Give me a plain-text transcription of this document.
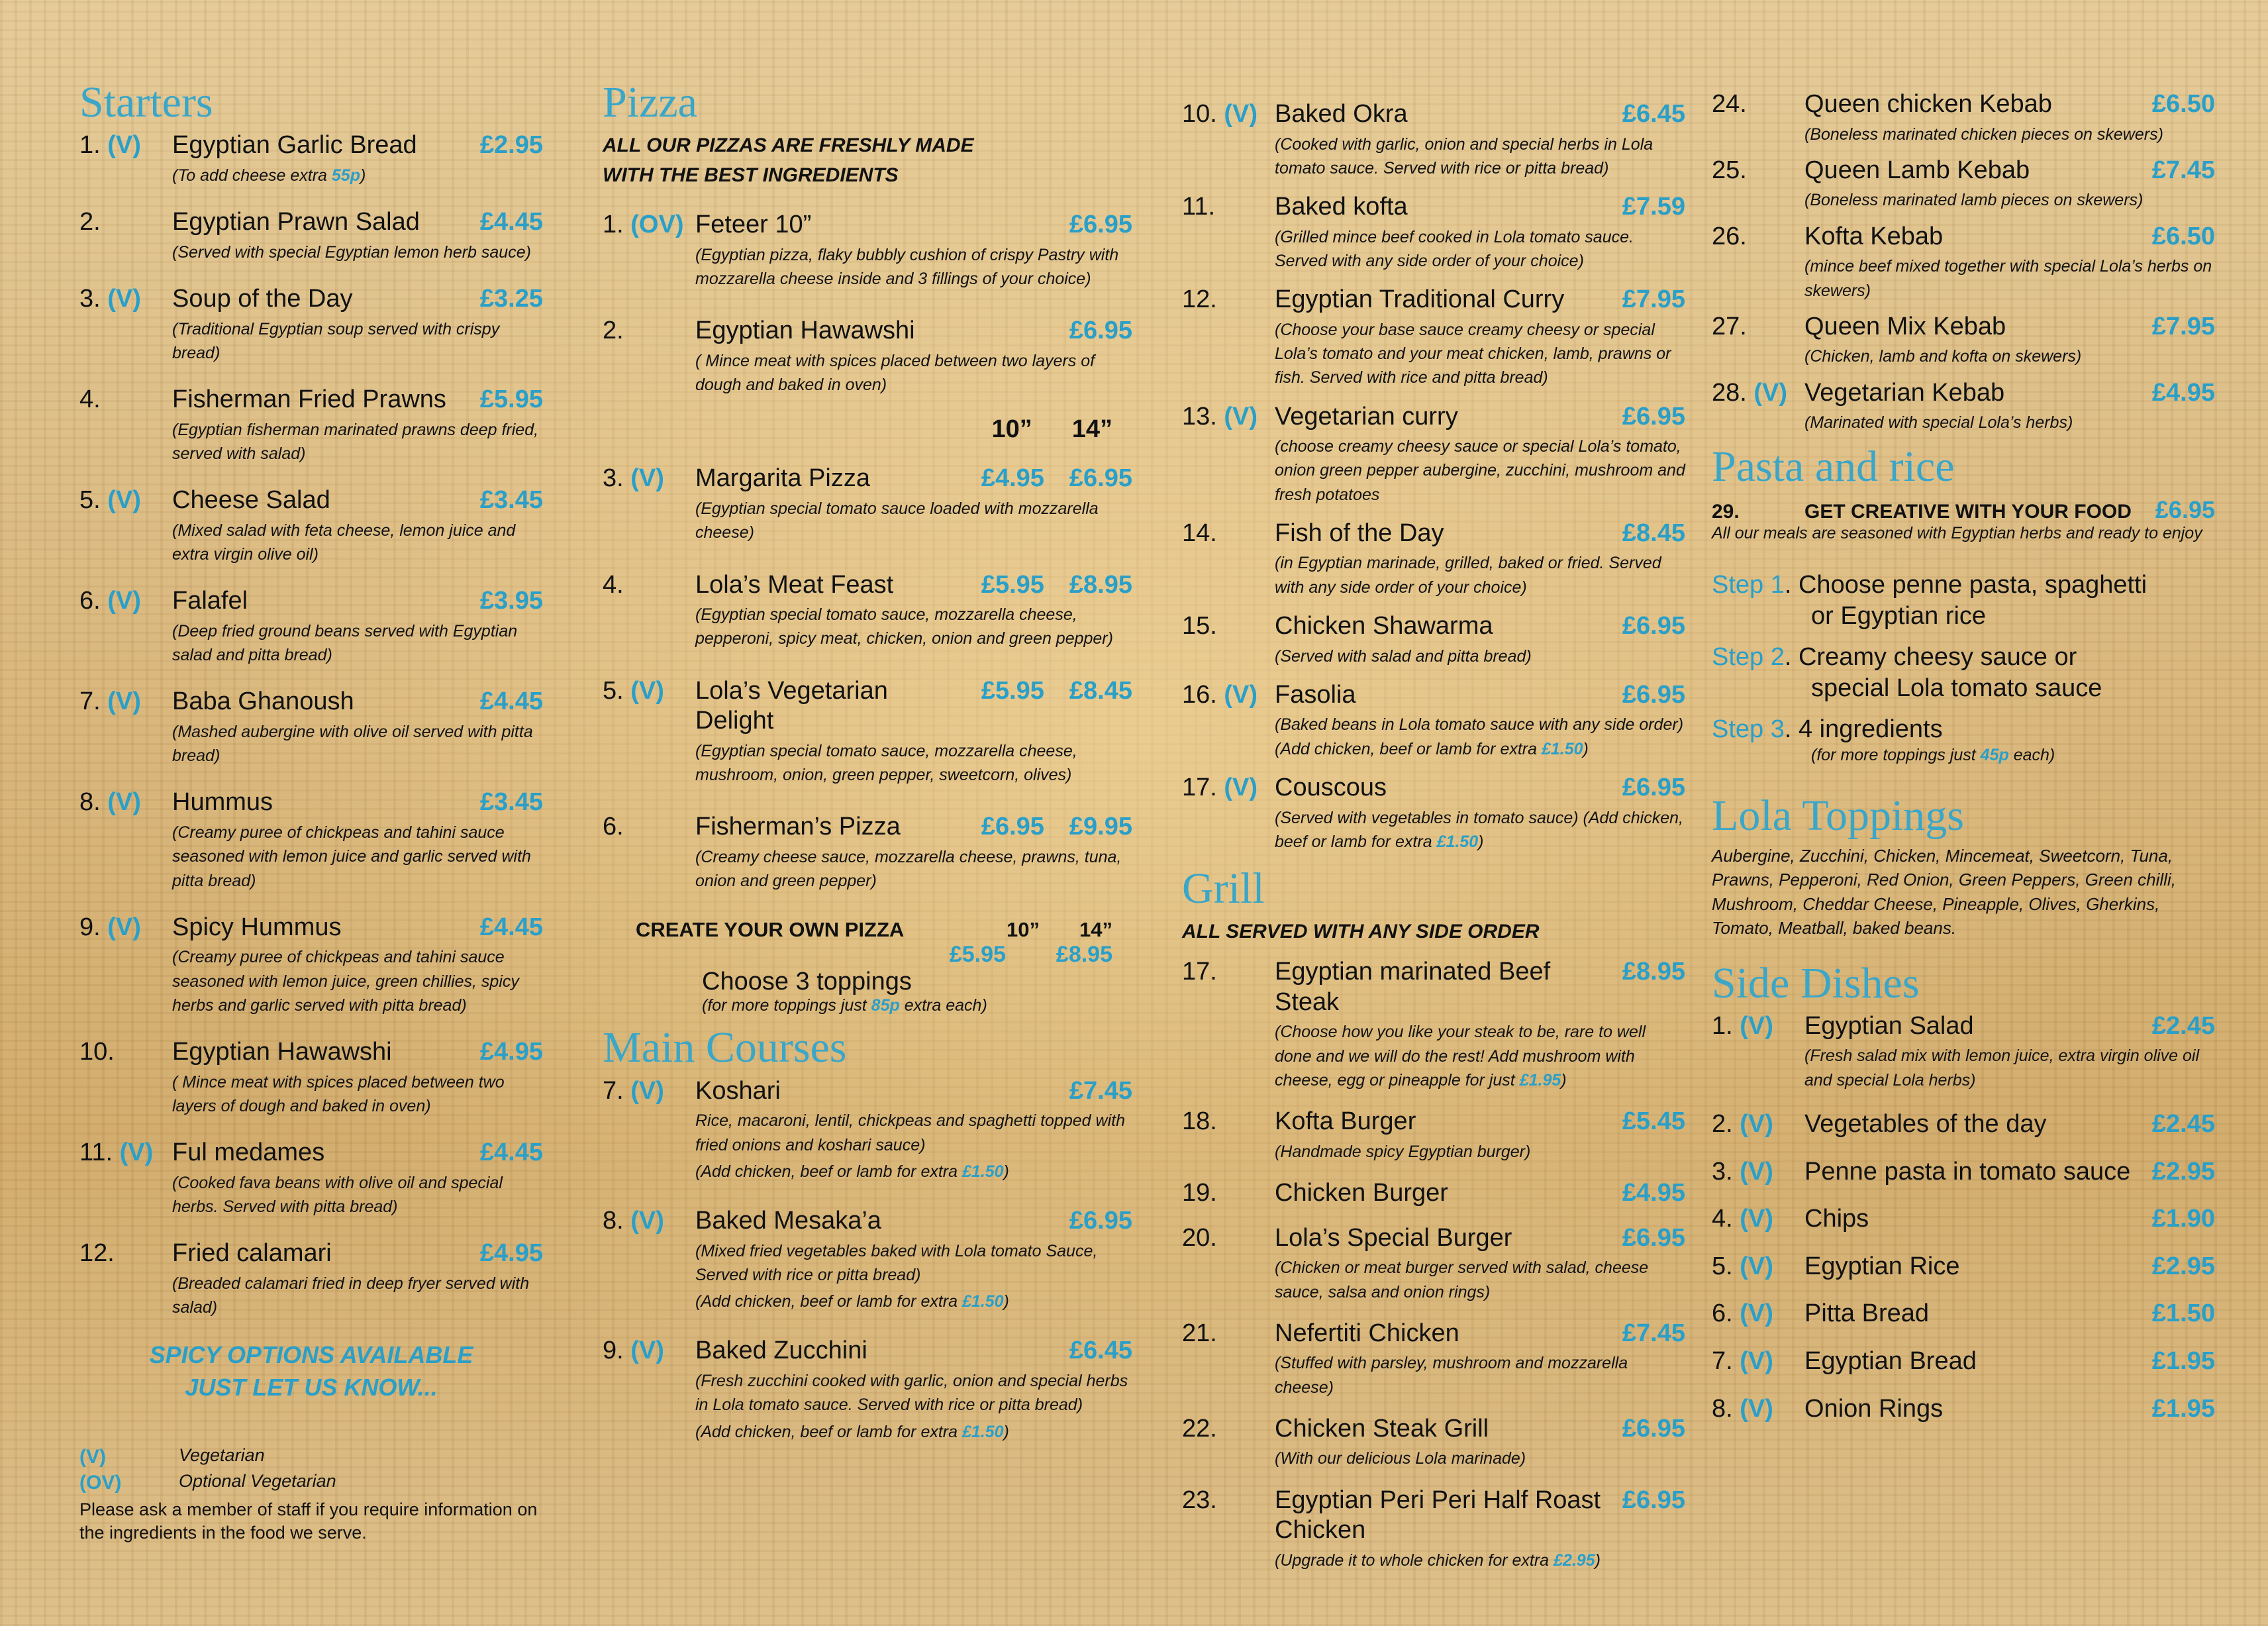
Starters
1. (V)	Egyptian Garlic Bread	£2.95
(To add cheese extra 55p)
2.	Egyptian Prawn Salad	£4.45
(Served with special Egyptian lemon herb sauce)
3. (V)	Soup of the Day	£3.25
(Traditional Egyptian soup served with crispy bread)
4.	Fisherman Fried Prawns	£5.95
(Egyptian fisherman marinated prawns deep fried, served with salad)
5. (V)	Cheese Salad	£3.45
(Mixed salad with feta cheese, lemon juice and extra virgin olive oil)
6. (V)	Falafel	£3.95
(Deep fried ground beans served with Egyptian salad and pitta bread)
7. (V)	Baba Ghanoush	£4.45
(Mashed aubergine with olive oil served with pitta bread)
8. (V)	Hummus	£3.45
(Creamy puree of chickpeas and tahini sauce seasoned with lemon juice and garlic served with pitta bread)
9. (V)	Spicy Hummus	£4.45
(Creamy puree of chickpeas and tahini sauce seasoned with lemon juice, green chillies, spicy herbs and garlic served with pitta bread)
10.	Egyptian Hawawshi	£4.95
( Mince meat with spices placed between two layers of dough and baked in oven)
11. (V) Ful medames	£4.45
(Cooked fava beans with olive oil and special herbs. Served with pitta bread)
12.	Fried calamari	£4.95
(Breaded calamari fried in deep fryer served with salad)
SPICY OPTIONS AVAILABLE
JUST LET US KNOW...
(V)	Vegetarian
(OV)	Optional Vegetarian
Please ask a member of staff if you require information on the ingredients in the food we serve.
Pizza
ALL OUR PIZZAS ARE FRESHLY MADE
WITH THE BEST INGREDIENTS
1. (OV) Feteer 10”	£6.95
(Egyptian pizza, flaky bubbly cushion of crispy Pastry with mozzarella cheese inside and 3 fillings of your choice)
2.	Egyptian Hawawshi	£6.95
( Mince meat with spices placed between two layers of dough and baked in oven)
10” 14”
3. (V)	Margarita Pizza	£4.95 £6.95
(Egyptian special tomato sauce loaded with mozzarella cheese)
4.	Lola’s Meat Feast	£5.95 £8.95
(Egyptian special tomato sauce, mozzarella cheese, pepperoni, spicy meat, chicken, onion and green pepper)
5. (V)	Lola’s Vegetarian Delight
£5.95 £8.45
(Egyptian special tomato sauce, mozzarella cheese, mushroom, onion, green pepper, sweetcorn, olives)
6.	Fisherman’s Pizza	£6.95 £9.95
(Creamy cheese sauce, mozzarella cheese, prawns, tuna, onion and green pepper)
CREATE YOUR OWN PIZZA	10” 14”
£5.95 £8.95
Choose 3 toppings
(for more toppings just 85p extra each)
Main Courses
7. (V)	Koshari	£7.45
Rice, macaroni, lentil, chickpeas and spaghetti topped with fried onions and koshari sauce)
(Add chicken, beef or lamb for extra £1.50)
8. (V)	Baked Mesaka’a	£6.95
(Mixed fried vegetables baked with Lola tomato Sauce, Served with rice or pitta bread)
(Add chicken, beef or lamb for extra £1.50)
9. (V)	Baked Zucchini	£6.45
(Fresh zucchini cooked with garlic, onion and special herbs in Lola tomato sauce. Served with rice or pitta bread)
(Add chicken, beef or lamb for extra £1.50)
10. (V) Baked Okra	£6.45
(Cooked with garlic, onion and special herbs in Lola tomato sauce. Served with rice or pitta bread)
11.	Baked kofta	£7.59
(Grilled mince beef cooked in Lola tomato sauce. Served with any side order of your choice)
12.	Egyptian Traditional Curry	£7.95
(Choose your base sauce creamy cheesy or special Lola’s tomato and your meat chicken, lamb, prawns or fish. Served with rice and pitta bread)
13. (V) Vegetarian curry	£6.95
(choose creamy cheesy sauce or special Lola’s tomato, onion green pepper aubergine, zucchini, mushroom and fresh potatoes
14.	Fish of the Day	£8.45
(in Egyptian marinade, grilled, baked or fried. Served with any side order of your choice)
15.	Chicken Shawarma	£6.95
(Served with salad and pitta bread)
16. (V) Fasolia	£6.95
(Baked beans in Lola tomato sauce with any side order) (Add chicken, beef or lamb for extra £1.50)
17. (V) Couscous	£6.95
(Served with vegetables in tomato sauce) (Add chicken, beef or lamb for extra £1.50)
Grill
ALL SERVED WITH ANY SIDE ORDER
17.	Egyptian marinated Beef Steak
£8.95
(Choose how you like your steak to be, rare to well done and we will do the rest! Add mushroom with cheese, egg or pineapple for just £1.95)
18.	Kofta Burger	£5.45
(Handmade spicy Egyptian burger)
19.	Chicken Burger	£4.95
20.	Lola’s Special Burger	£6.95
(Chicken or meat burger served with salad, cheese sauce, salsa and onion rings)
21.	Nefertiti Chicken	£7.45
(Stuffed with parsley, mushroom and mozzarella cheese)
22.	Chicken Steak Grill	£6.95
(With our delicious Lola marinade)
23.	Egyptian Peri Peri Half Roast Chicken
£6.95
(Upgrade it to whole chicken for extra £2.95)
24.	Queen chicken Kebab	£6.50
(Boneless marinated chicken pieces on skewers)
25.	Queen Lamb Kebab	£7.45
(Boneless marinated lamb pieces on skewers)
26.	Kofta Kebab	£6.50
(mince beef mixed together with special Lola’s herbs on skewers)
27.	Queen Mix Kebab	£7.95
(Chicken, lamb and kofta on skewers)
28. (V) Vegetarian Kebab	£4.95
(Marinated with special Lola’s herbs)
Pasta and rice
29.	GET CREATIVE WITH YOUR FOOD	£6.95
All our meals are seasoned with Egyptian herbs and ready to enjoy
Step 1. Choose penne pasta, spaghetti
or Egyptian rice
Step 2. Creamy cheesy sauce or
special Lola tomato sauce
Step 3. 4 ingredients
(for more toppings just 45p each)
Lola Toppings
Aubergine, Zucchini, Chicken, Mincemeat, Sweetcorn, Tuna, Prawns, Pepperoni, Red Onion, Green Peppers, Green chilli, Mushroom, Cheddar Cheese, Pineapple, Olives, Gherkins, Tomato, Meatball, baked beans.
Side Dishes
1. (V)	Egyptian Salad	£2.45
(Fresh salad mix with lemon juice, extra virgin olive oil and special Lola herbs)
2. (V)	Vegetables of the day	£2.45
3. (V)	Penne pasta in tomato sauce £2.95
4. (V)	Chips	£1.90
5. (V)	Egyptian Rice	£2.95
6. (V)	Pitta Bread	£1.50
7. (V)	Egyptian Bread	£1.95
8. (V)	Onion Rings	£1.95
